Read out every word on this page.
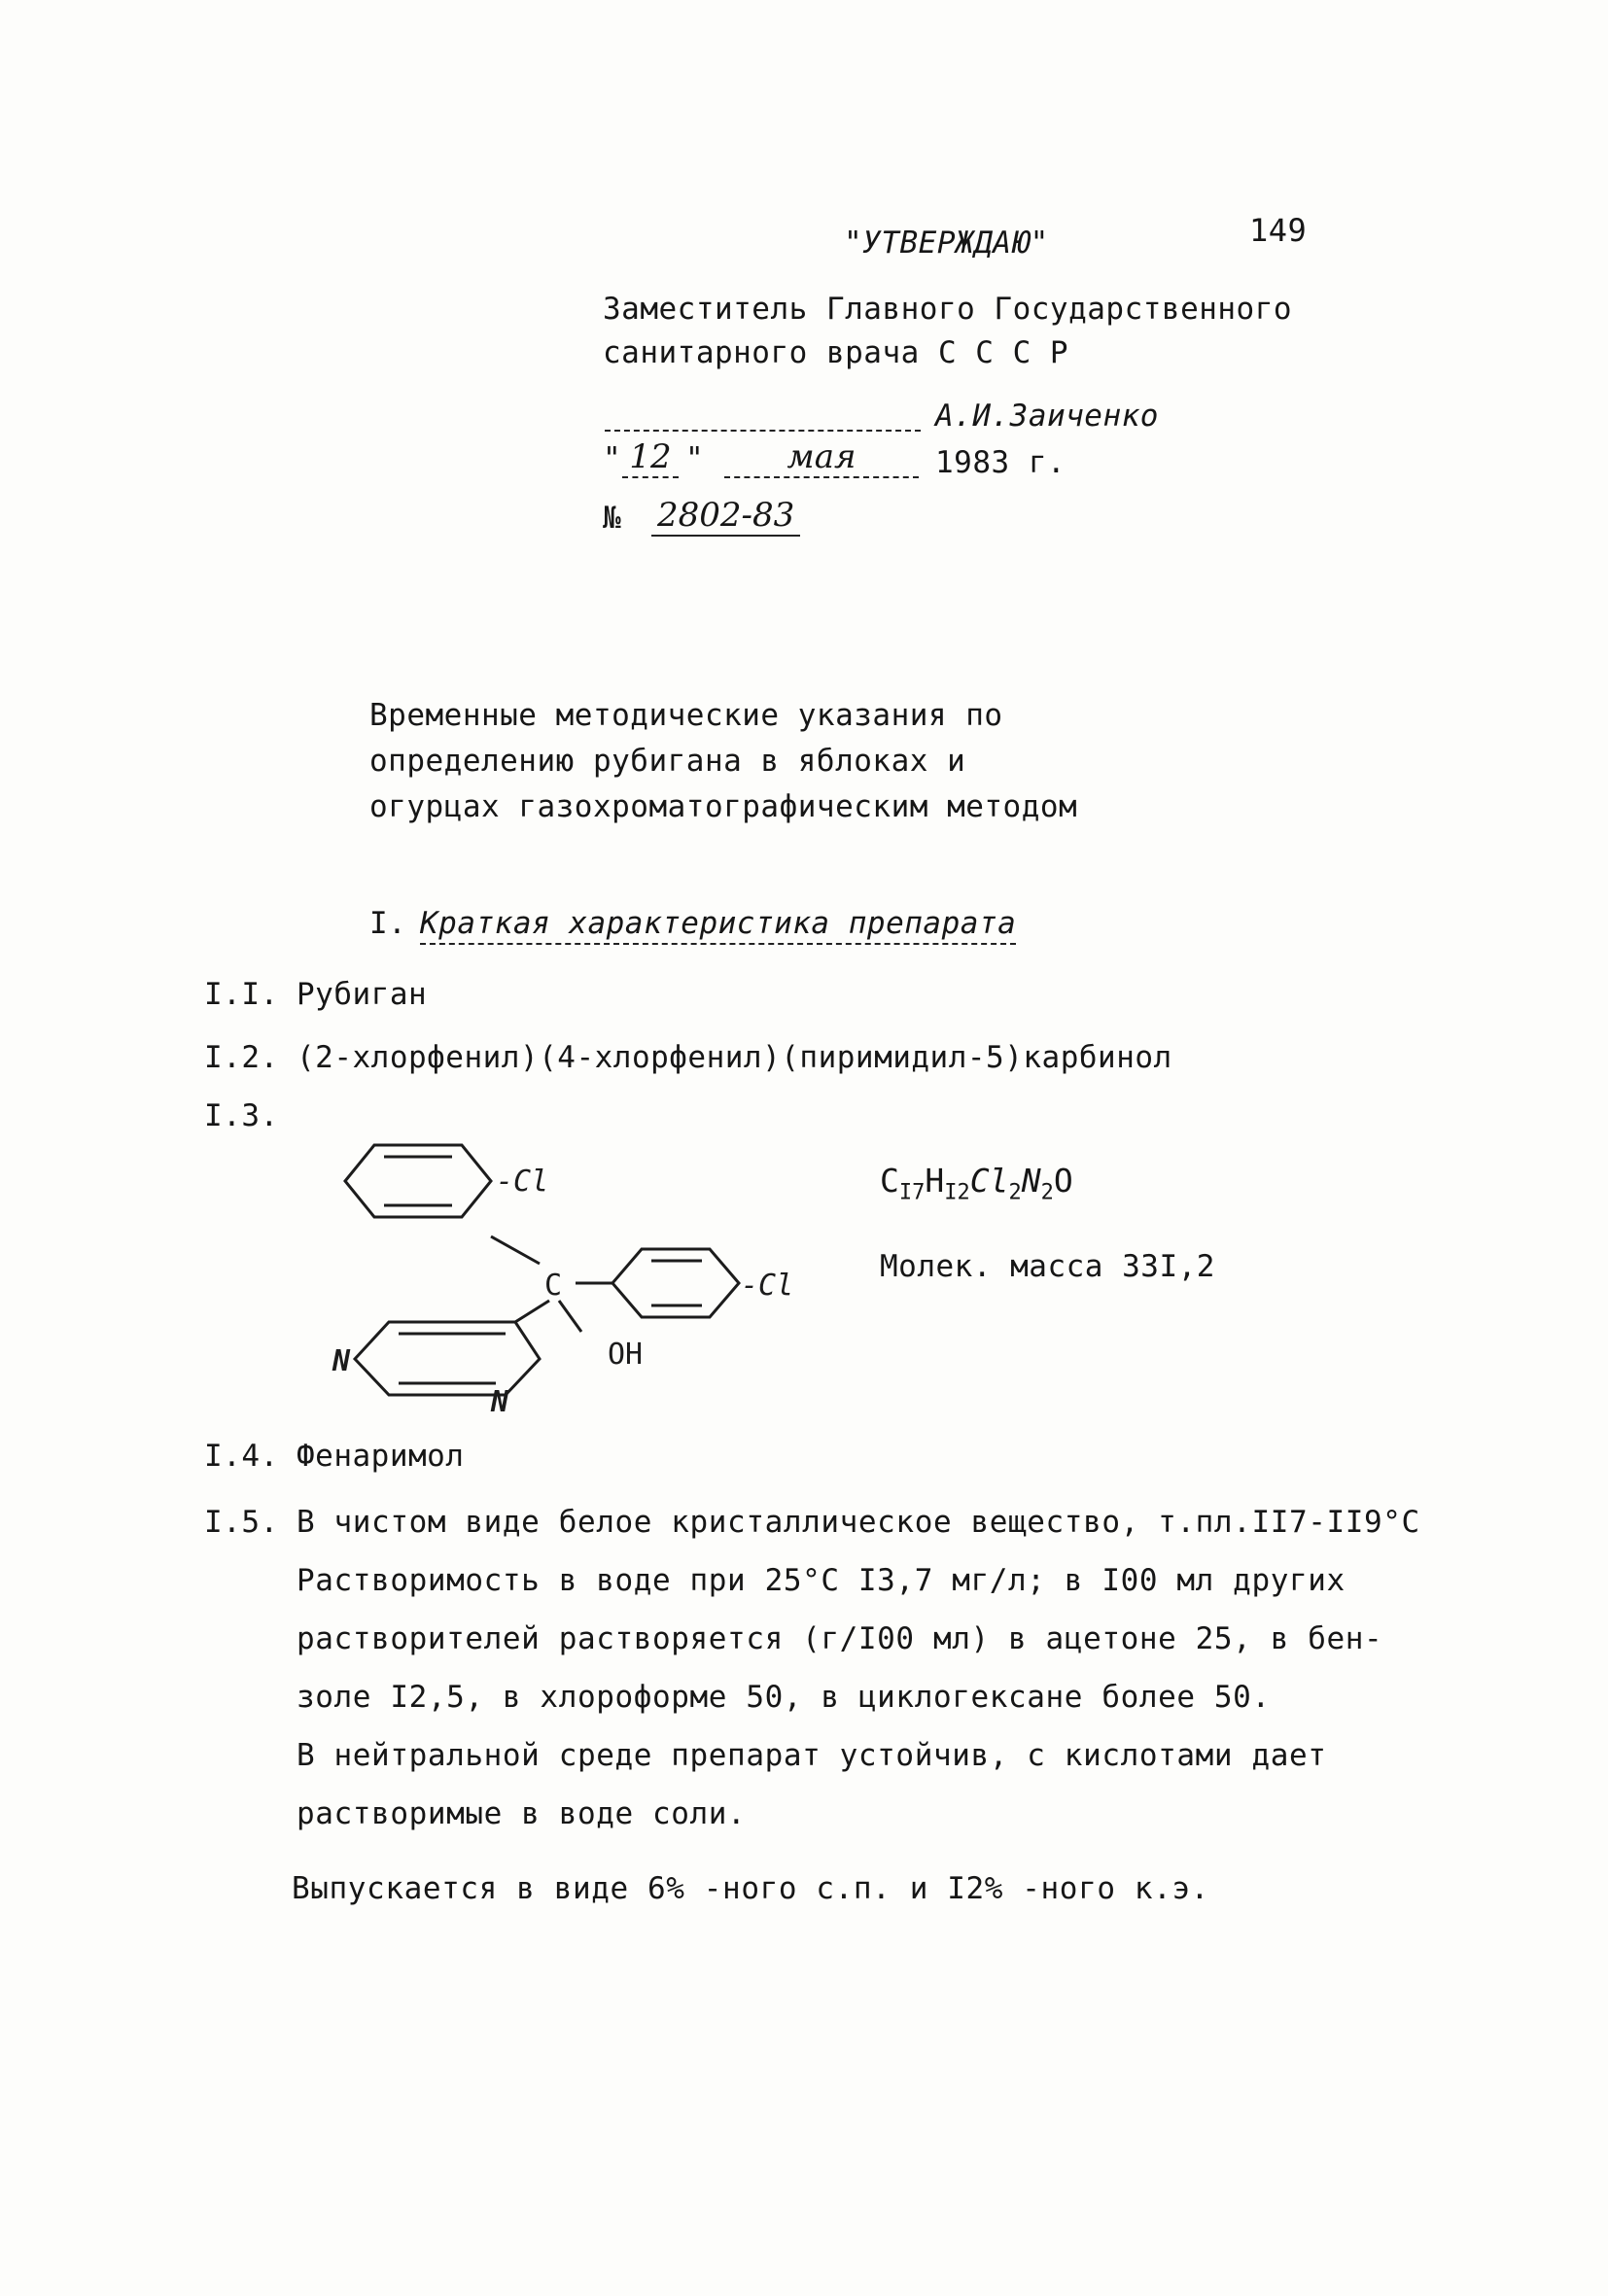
149
"УТВЕРЖДАЮ"
Заместитель Главного Государственного
санитарного врача С С С Р
А.И.Заиченко
" 12 "	мая	1983 г.
№ 2802-83
Временные методические указания по
определению рубигана в яблоках и
огурцах газохроматографическим методом
I. Краткая характеристика препарата
I.I. Рубиган
I.2. (2-хлорфенил)(4-хлорфенил)(пиримидил-5)карбинол
I.3.
-Cl
C	-Cl
OH
N
N
$C_{I7}H_{I2}Cl_2N_2O$
Молек. масса 33I,2
I.4. Фенаримол
I.5. В чистом виде белое кристаллическое вещество, т.пл.II7-II9°C
Растворимость в воде при 25°C I3,7 мг/л; в I00 мл других
растворителей растворяется (г/I00 мл) в ацетоне 25, в бен-
золе I2,5, в хлороформе 50, в циклогексане более 50.
В нейтральной среде препарат устойчив, с кислотами дает
растворимые в воде соли.
Выпускается в виде 6% -ного с.п. и I2% -ного к.э.
